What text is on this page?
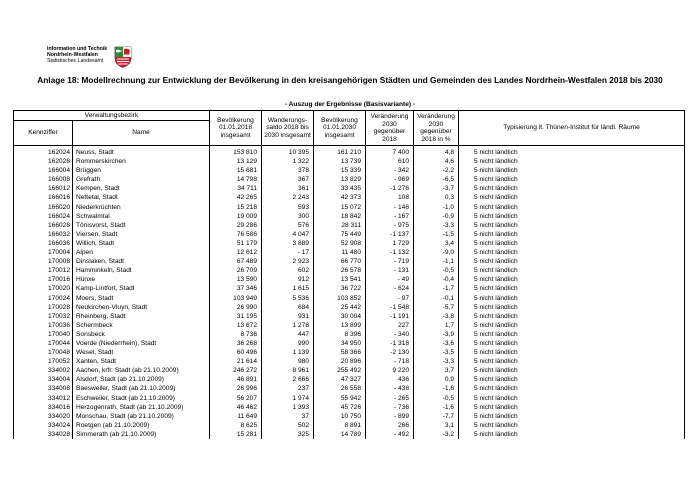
Information und Technik
Nordrhein-Westfalen
Statistisches Landesamt
Anlage 18: Modellrechnung zur Entwicklung der Bevölkerung in den kreisangehörigen Städten und Gemeinden des Landes Nordrhein-Westfalen 2018 bis 2030
- Auszug der Ergebnisse (Basisvariante) -
Verwaltungsbezirk		Bevölkerung 01.01.2018 insgesamt	Wanderungs-saldo 2018 bis 2030 insgesamt	Bevölkerung 01.01.2030 insgesamt	Veränderung 2030 gegenüber 2018	Veränderung 2030 gegenüber 2018 in %	Typisierung lt. Thünen-Institut für ländl. Räume
Kennziffer	Name						
162024	Neuss, Stadt	153 810	10 395	161 210	7 400	4,8	5 nicht ländlich
162028	Rommerskirchen	13 129	1 322	13 739	610	4,6	5 nicht ländlich
166004	Brüggen	15 681	378	15 339	- 342	-2,2	5 nicht ländlich
166008	Grefrath	14 798	367	13 829	- 969	-6,5	5 nicht ländlich
166012	Kempen, Stadt	34 711	361	33 435	-1 276	-3,7	5 nicht ländlich
166016	Nettetal, Stadt	42 265	2 243	42 373	108	0,3	5 nicht ländlich
166020	Niederkrüchten	15 218	593	15 072	- 146	-1,0	5 nicht ländlich
166024	Schwalmtal	19 009	300	18 842	- 167	-0,9	5 nicht ländlich
166028	Tönisvorst, Stadt	29 286	576	28 311	- 975	-3,3	5 nicht ländlich
166032	Viersen, Stadt	76 586	4 047	75 449	-1 137	-1,5	5 nicht ländlich
166036	Willich, Stadt	51 179	3 889	52 908	1 729	3,4	5 nicht ländlich
170004	Alpen	12 612	- 17	11 480	-1 132	-9,0	5 nicht ländlich
170008	Dinslaken, Stadt	67 489	2 923	66 770	- 719	-1,1	5 nicht ländlich
170012	Hamminkeln, Stadt	26 709	602	26 578	- 131	-0,5	5 nicht ländlich
170016	Hünxe	13 590	912	13 541	- 49	-0,4	5 nicht ländlich
170020	Kamp-Lintfort, Stadt	37 346	1 615	36 722	- 624	-1,7	5 nicht ländlich
170024	Moers, Stadt	103 949	5 536	103 852	- 97	-0,1	5 nicht ländlich
170028	Neukirchen-Vluyn, Stadt	26 990	684	25 442	-1 548	-5,7	5 nicht ländlich
170032	Rheinberg, Stadt	31 195	931	30 004	-1 191	-3,8	5 nicht ländlich
170036	Schermbeck	13 672	1 278	13 899	227	1,7	5 nicht ländlich
170040	Sonsbeck	8 736	447	8 396	- 340	-3,9	5 nicht ländlich
170044	Voerde (Niederrhein), Stadt	36 268	990	34 950	-1 318	-3,6	5 nicht ländlich
170048	Wesel, Stadt	60 496	1 139	58 366	-2 130	-3,5	5 nicht ländlich
170052	Xanten, Stadt	21 614	980	20 896	- 718	-3,3	5 nicht ländlich
334002	Aachen, krfr. Stadt (ab 21.10.2009)	246 272	8 961	255 492	9 220	3,7	5 nicht ländlich
334004	Alsdorf, Stadt (ab 21.10.2009)	46 891	2 666	47 327	436	0,9	5 nicht ländlich
334008	Baesweiler, Stadt (ab 21.10.2009)	26 996	237	26 558	- 438	-1,6	5 nicht ländlich
334012	Eschweiler, Stadt (ab 21.10.2009)	56 207	1 974	55 942	- 265	-0,5	5 nicht ländlich
334016	Herzogenrath, Stadt (ab 21.10.2009)	46 462	1 393	45 726	- 736	-1,6	5 nicht ländlich
334020	Monschau, Stadt (ab 21.10.2009)	11 649	37	10 750	- 899	-7,7	5 nicht ländlich
334024	Roetgen (ab 21.10.2009)	8 625	502	8 891	266	3,1	5 nicht ländlich
334028	Simmerath (ab 21.10.2009)	15 281	325	14 789	- 492	-3,2	5 nicht ländlich
